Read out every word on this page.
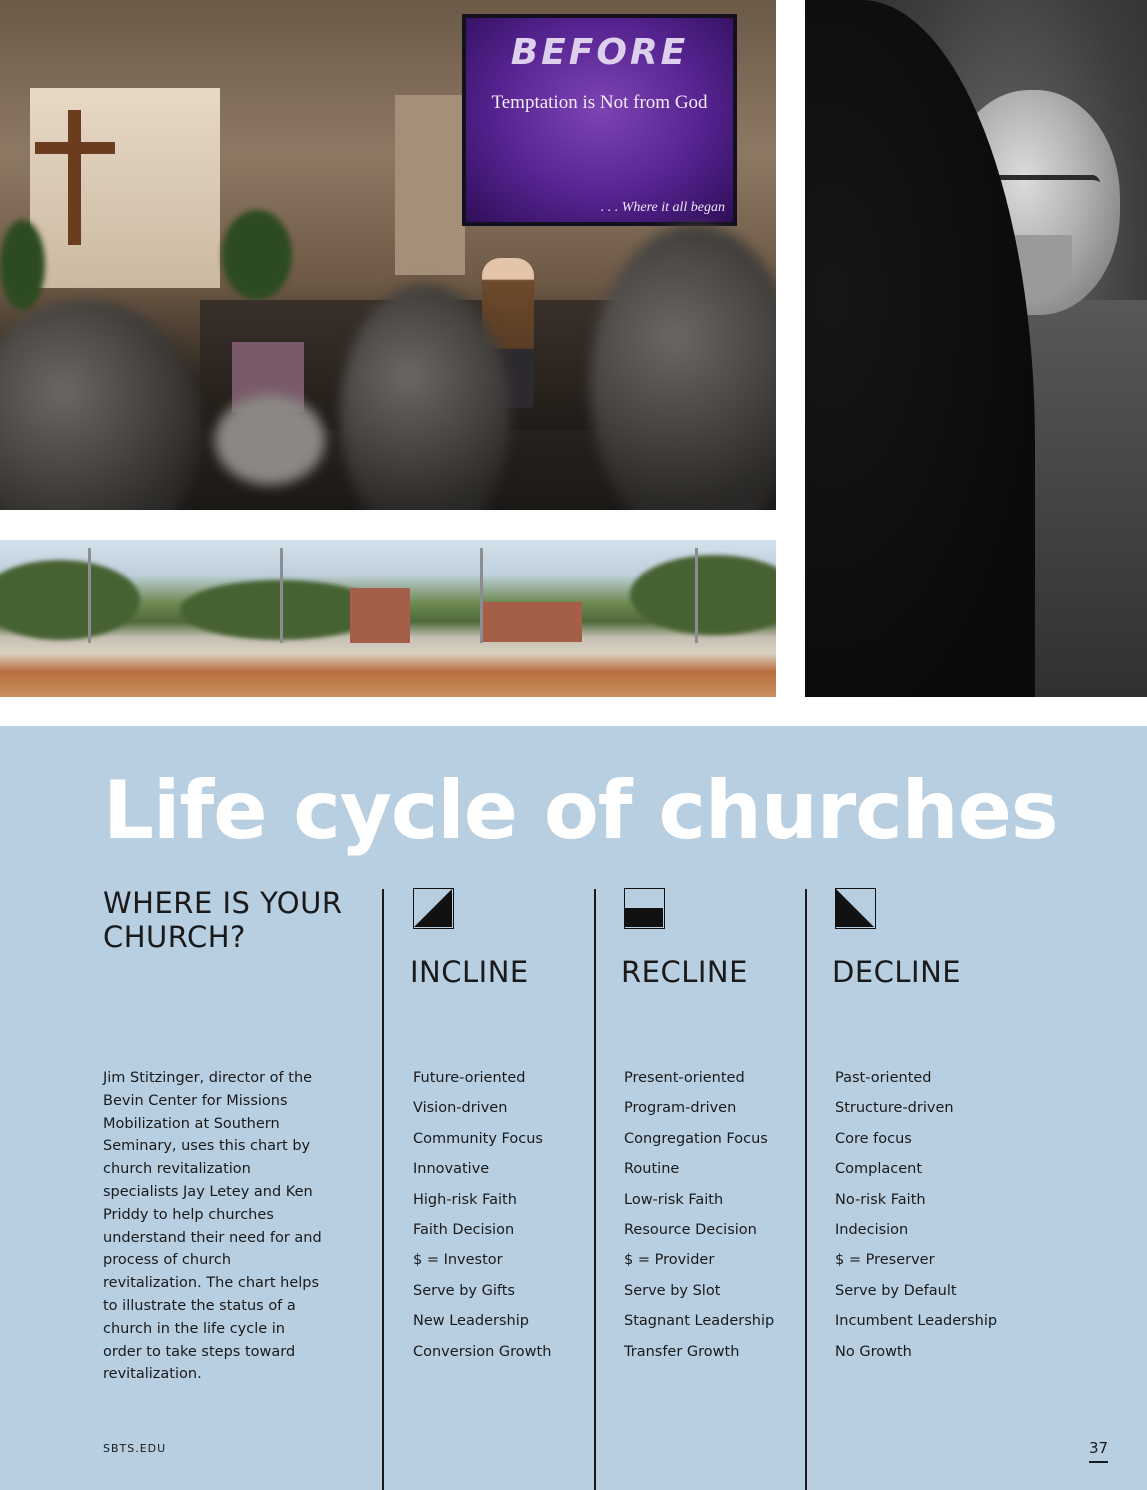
BEFORE
Temptation is Not from God
. . . Where it all began
Life cycle of churches
WHERE IS YOUR CHURCH?

Jim Stitzinger, director of the Bevin Center for Missions Mobilization at Southern Seminary, uses this chart by church revitalization specialists Jay Letey and Ken Priddy to help churches understand their need for and process of church revitalization. The chart helps to illustrate the status of a church in the life cycle in order to take steps toward revitalization.

INCLINE
Future-oriented
Vision-driven
Community Focus
Innovative
High-risk Faith
Faith Decision
$ = Investor
Serve by Gifts
New Leadership
Conversion Growth
RECLINE
Present-oriented
Program-driven
Congregation Focus
Routine
Low-risk Faith
Resource Decision
$ = Provider
Serve by Slot
Stagnant Leadership
Transfer Growth
DECLINE
Past-oriented
Structure-driven
Core focus
Complacent
No-risk Faith
Indecision
$ = Preserver
Serve by Default
Incumbent Leadership
No Growth
SBTS.EDU	37
